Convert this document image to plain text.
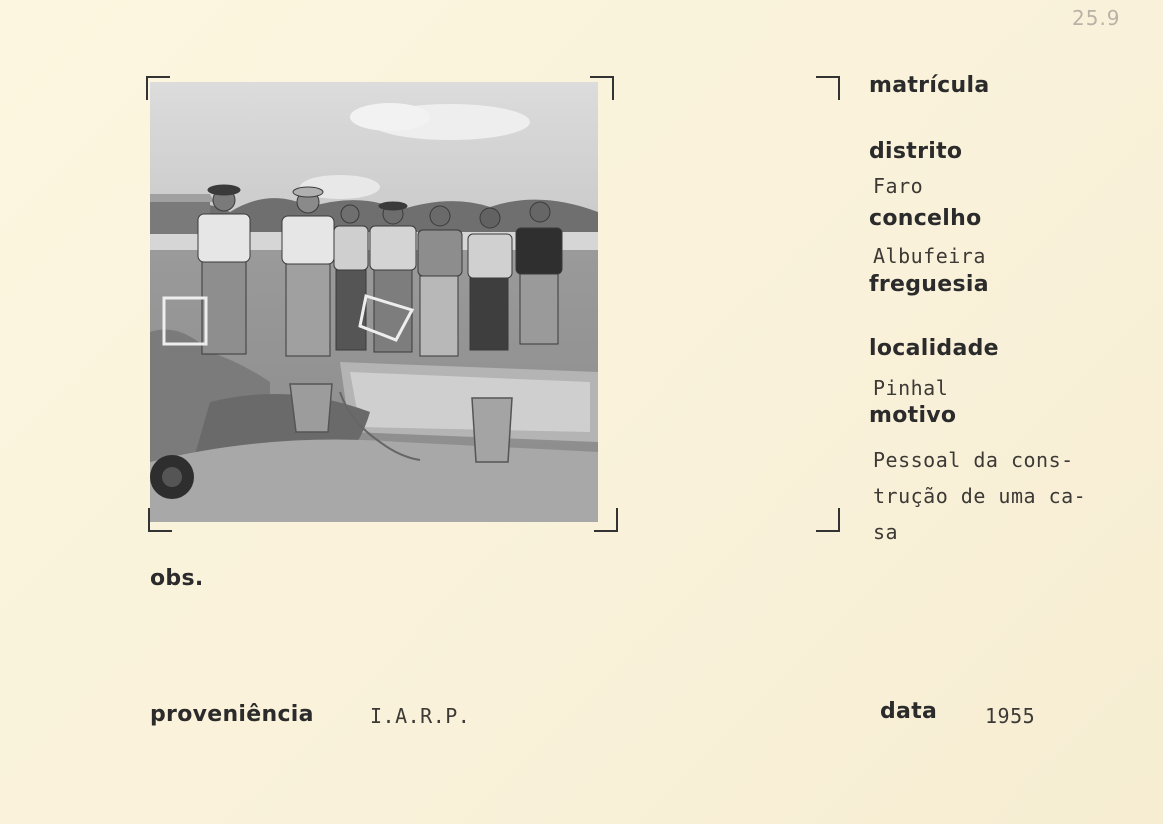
25.9
matrícula
distrito
Faro
concelho
Albufeira
freguesia
localidade
Pinhal
motivo
Pessoal da cons-
trução de uma ca-
sa
obs.
proveniência	I.A.R.P.	data 1955
